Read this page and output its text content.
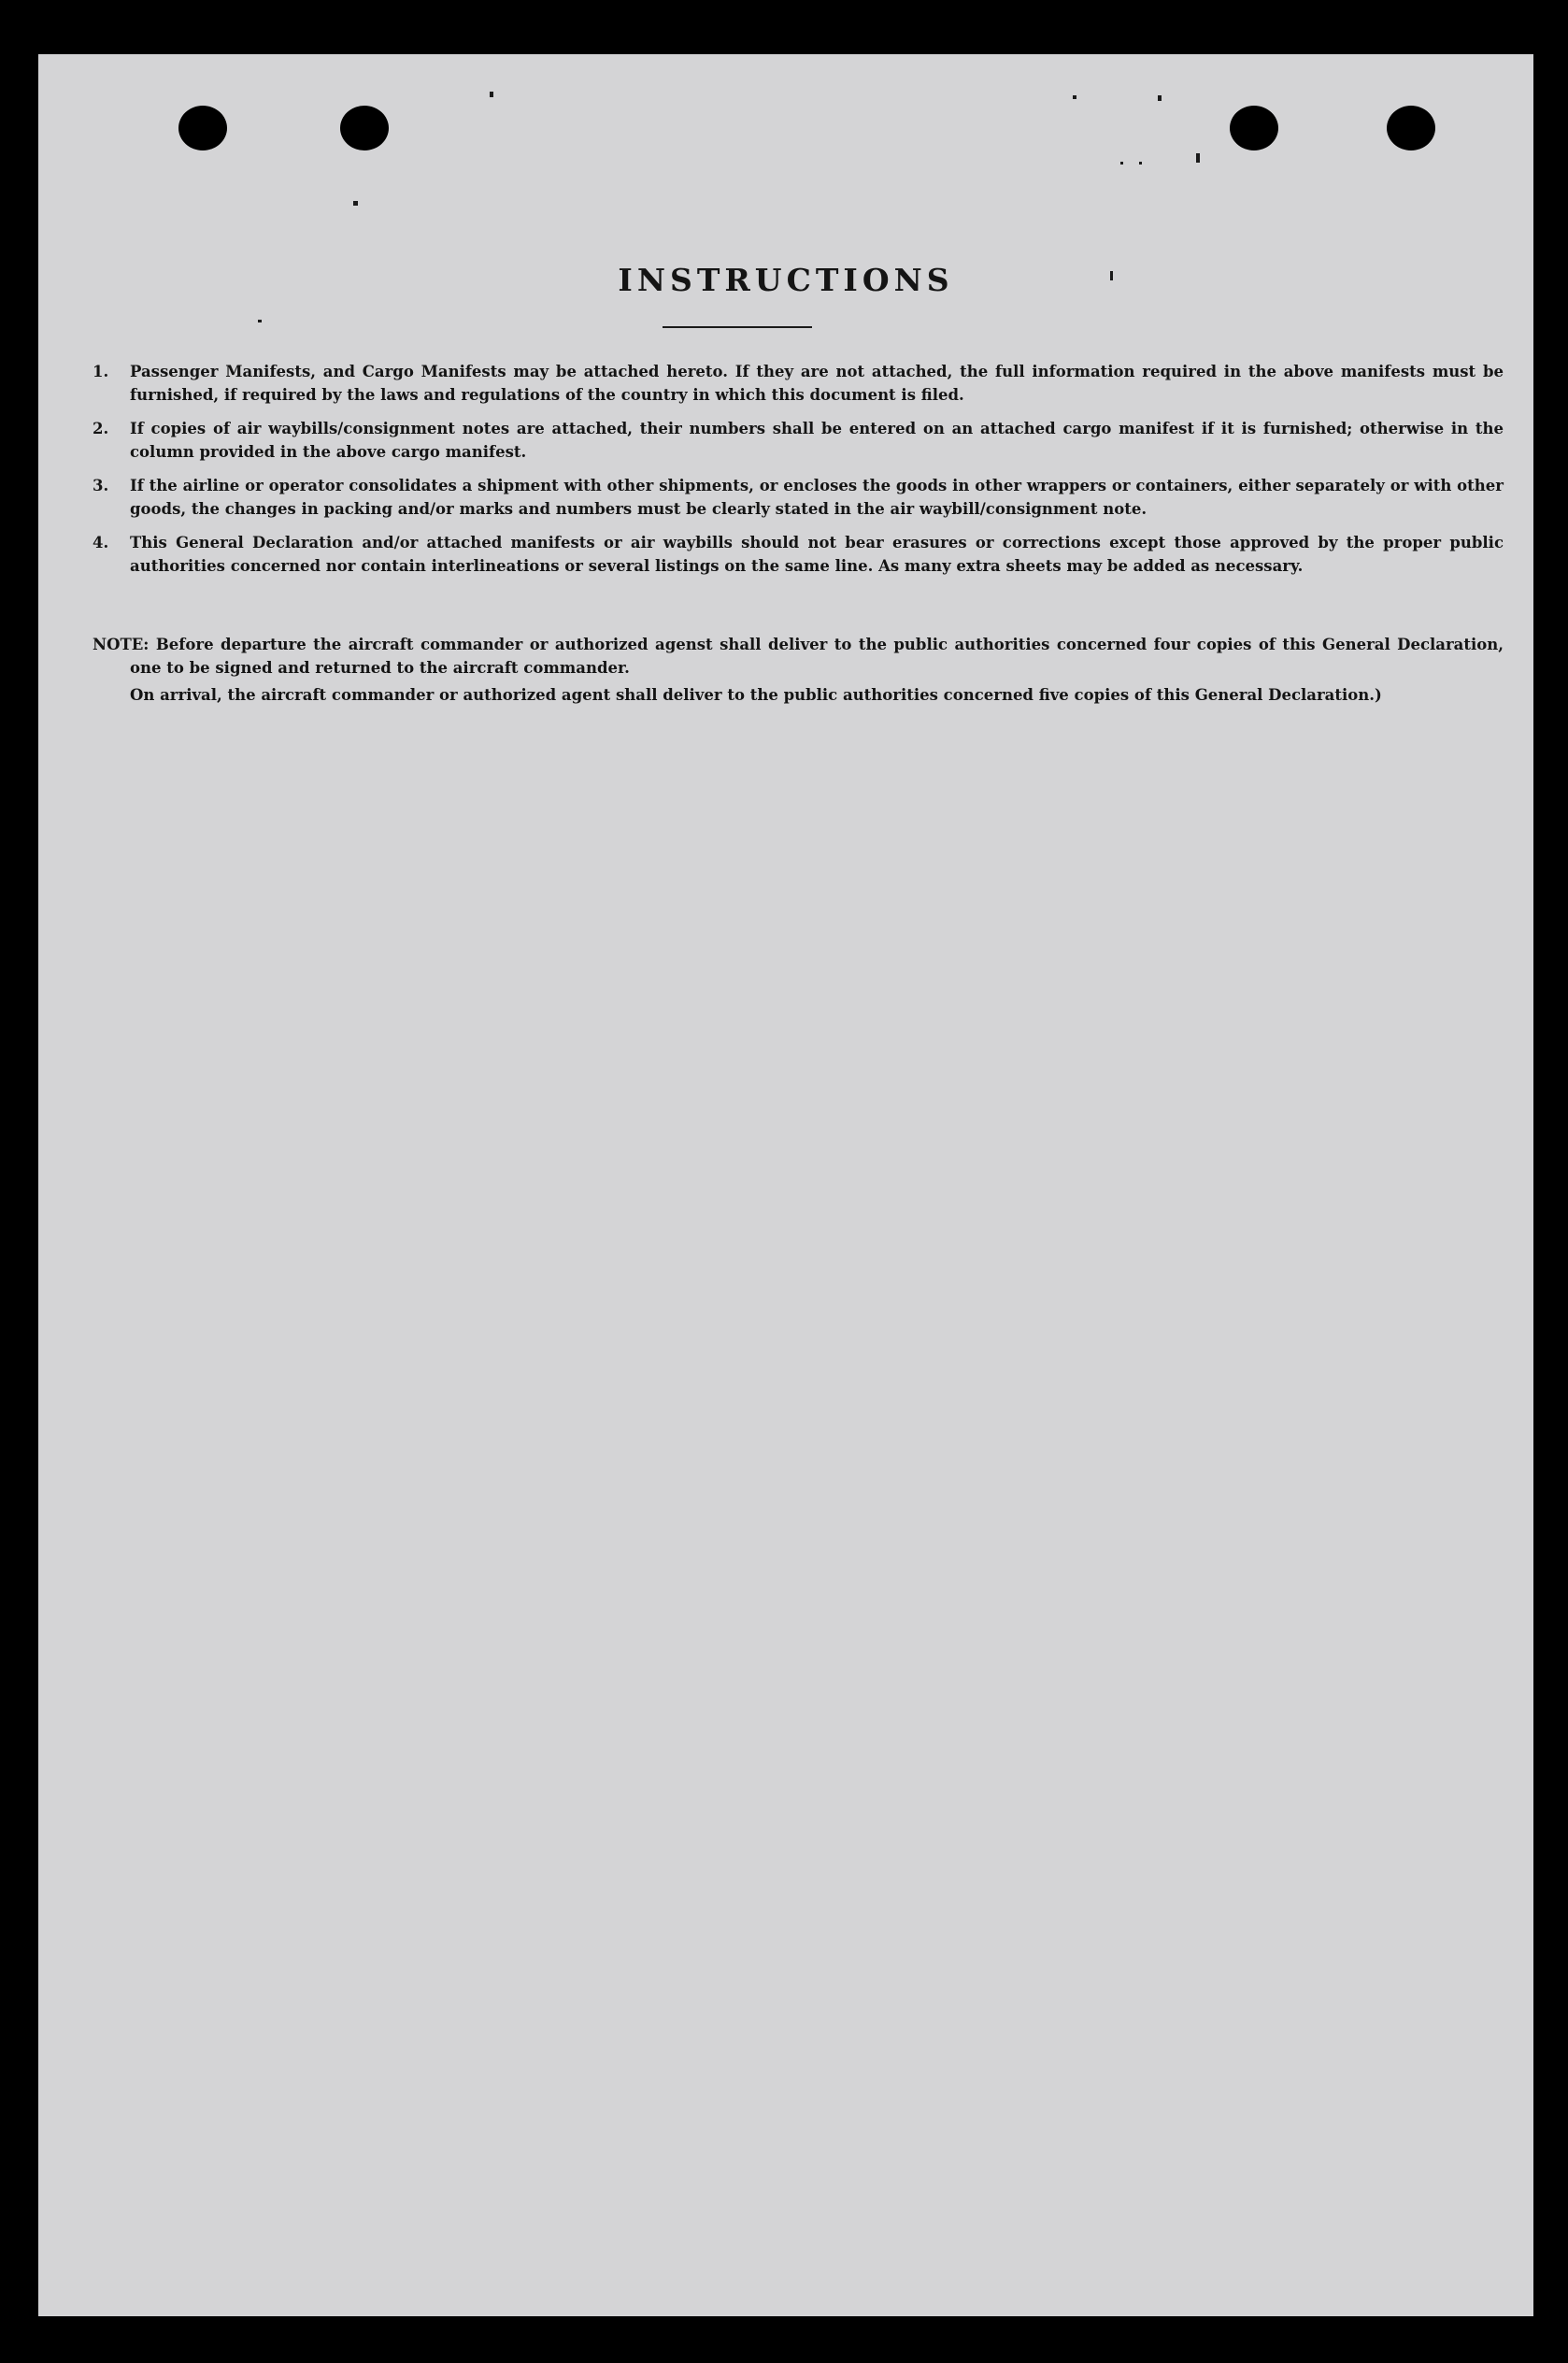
INSTRUCTIONS
1. Passenger Manifests, and Cargo Manifests may be attached hereto. If they are not attached, the full information required in the above manifests must be furnished, if required by the laws and regulations of the country in which this document is filed.
2. If copies of air waybills/consignment notes are attached, their numbers shall be entered on an attached cargo manifest if it is furnished; otherwise in the column provided in the above cargo manifest.
3. If the airline or operator consolidates a shipment with other shipments, or encloses the goods in other wrappers or containers, either separately or with other goods, the changes in packing and/or marks and numbers must be clearly stated in the air waybill/consignment note.
4. This General Declaration and/or attached manifests or air waybills should not bear erasures or corrections except those approved by the proper public authorities concerned nor contain interlineations or several listings on the same line. As many extra sheets may be added as necessary.

NOTE: Before departure the aircraft commander or authorized agenst shall deliver to the public authorities concerned four copies of this General Declaration, one to be signed and returned to the aircraft commander.

On arrival, the aircraft commander or authorized agent shall deliver to the public authorities concerned five copies of this General Declaration.)
